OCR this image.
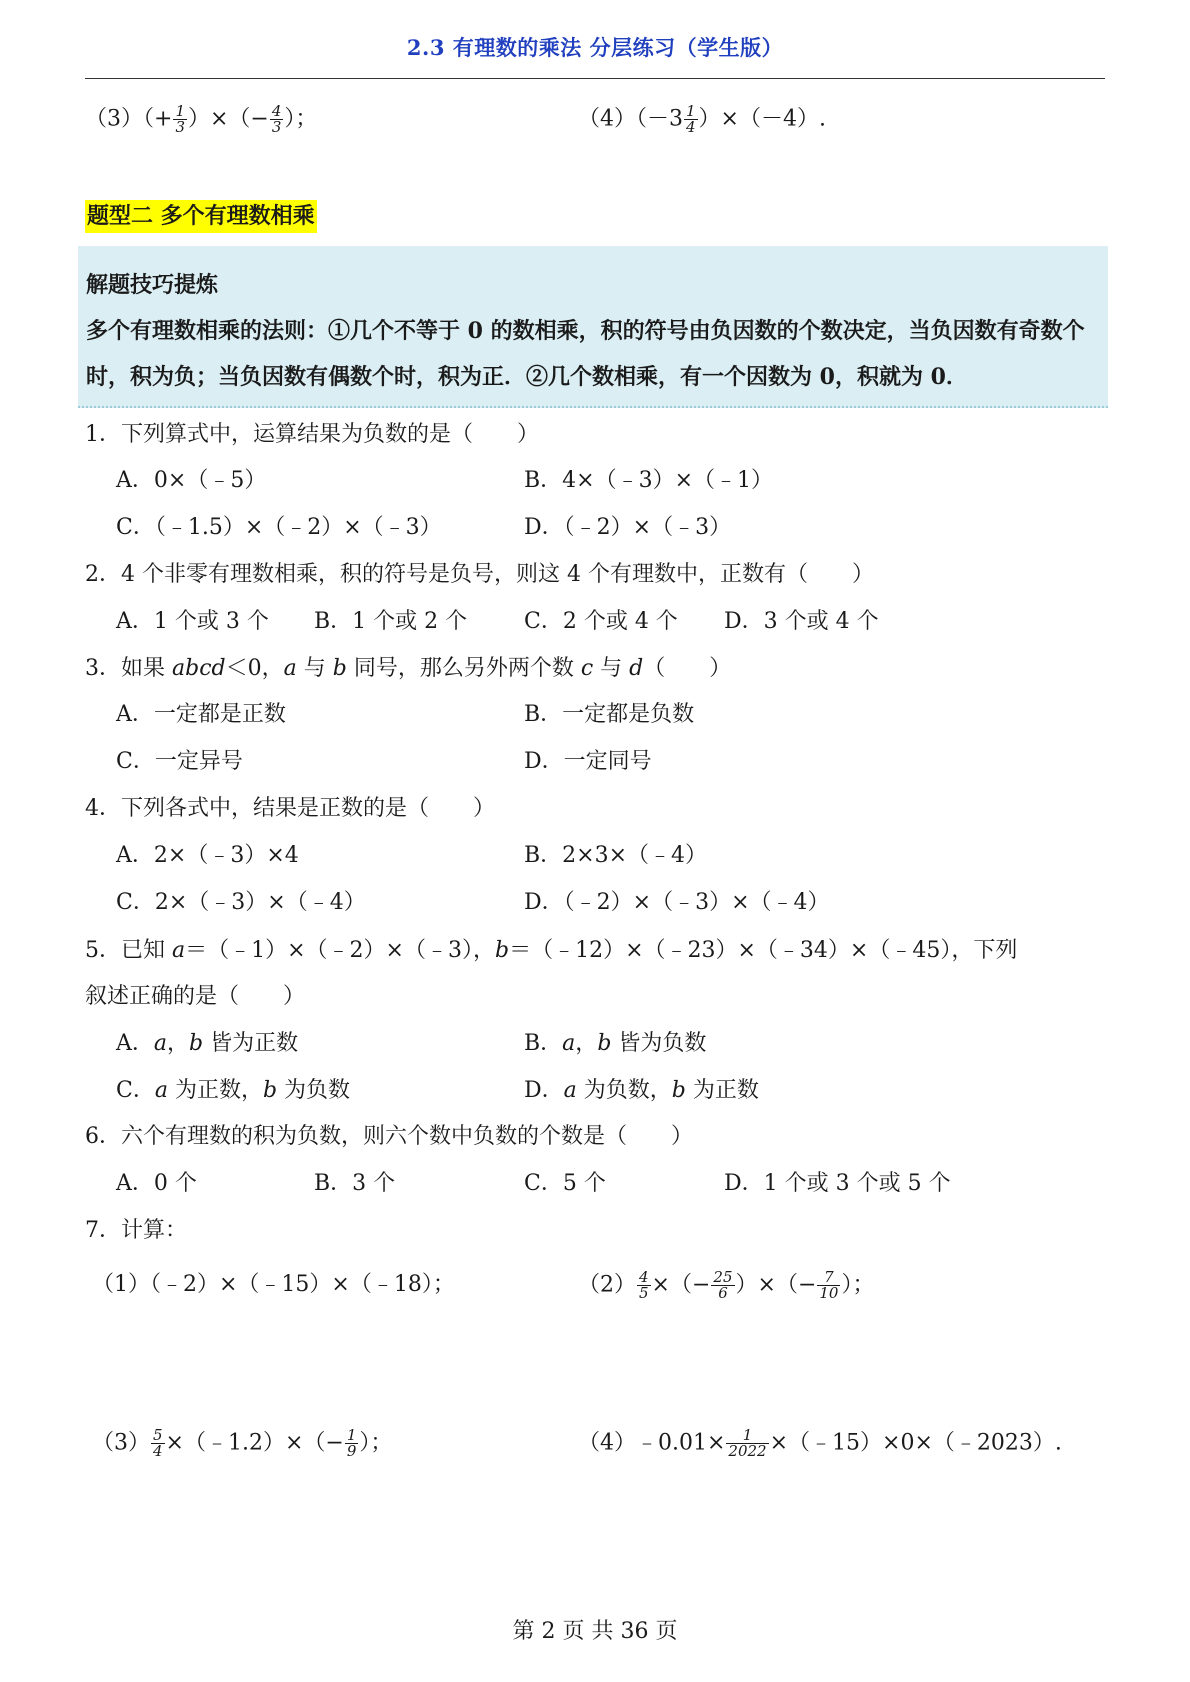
2.3 有理数的乘法 分层练习（学生版）
$(3)(+ \frac{1}{3}$ ）×（− $\frac{4}{3}$ ）；	$(4)(-3 \frac{1}{4} )\times(-4)$.
题型二 多个有理数相乘
解题技巧提炼
多个有理数相乘的法则：①几个不等于 0 的数相乘，积的符号由负因数的个数决定，当负因数有奇数个时，积为负；当负因数有偶数个时，积为正．②几个数相乘，有一个因数为 0，积就为 0．
1．下列算式中，运算结果为负数的是（　　）
A．0×（﹣5）	B．4×（﹣3）×（﹣1）
C．（﹣1.5）×（﹣2）×（﹣3）	D．（﹣2）×（﹣3）
2．4 个非零有理数相乘，积的符号是负号，则这 4 个有理数中，正数有（　　）
A．1 个或 3 个 B．1 个或 2 个	C．2 个或 4 个 D．3 个或 4 个
3．如果 abcd＜0，a 与 b 同号，那么另外两个数 c 与 d（　　）
A．一定都是正数	B．一定都是负数
C．一定异号	D．一定同号
4．下列各式中，结果是正数的是（　　）
A．2×（﹣3）×4	B．2×3×（﹣4）
C．2×（﹣3）×（﹣4）	D．（﹣2）×（﹣3）×（﹣4）
5．已知 a＝（﹣1）×（﹣2）×（﹣3），b＝（﹣12）×（﹣23）×（﹣34）×（﹣45），下列
叙述正确的是（　　）
A．a，b 皆为正数	B．a，b 皆为负数
C．a 为正数，b 为负数	D．a 为负数，b 为正数
6．六个有理数的积为负数，则六个数中负数的个数是（　　）
A．0 个	B．3 个	C．5 个	D．1 个或 3 个或 5 个
7．计算：
（1）（﹣2）×（﹣15）×（﹣18）；	$(2) \frac{4}{5}$ ×（− $\frac{25}{6}$ ）×（− $\frac{7}{10}$ ）；
$(3) \frac{5}{4}$ ×（﹣1.2）×（− $\frac{1}{9}$ ）；	（4）﹣0.01× $\frac{1}{2022}$ ×（﹣15）×0×（﹣2023）.
第 2 页 共 36 页
